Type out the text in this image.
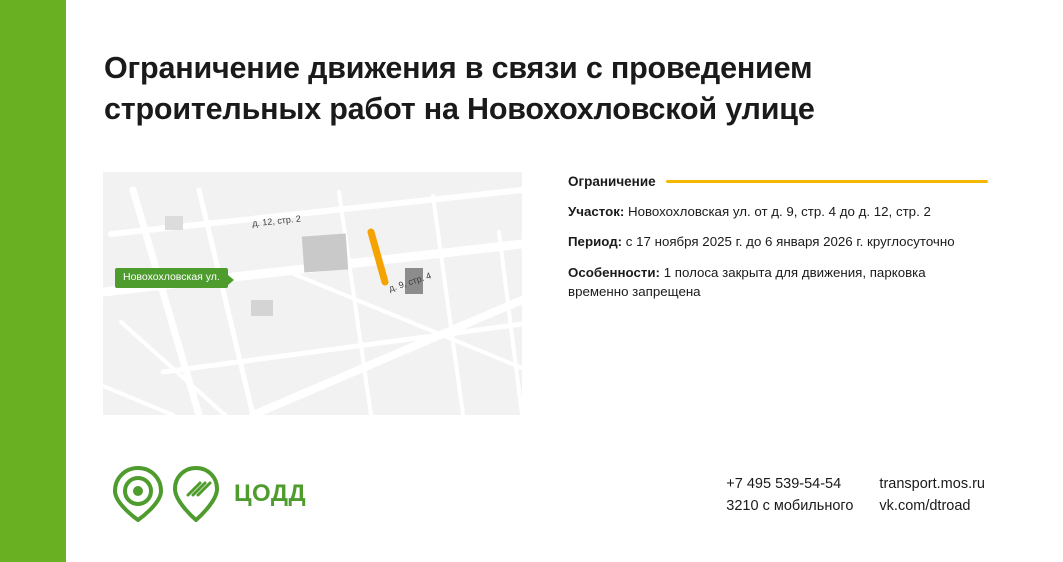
Ограничение движения в связи с проведением строительных работ на Новохохловской улице
д. 12, стр. 2
д. 9, стр. 4
Новохохловская ул.
Ограничение
Участок: Новохохловская ул. от д. 9, стр. 4 до д. 12, стр. 2
Период: с 17 ноября 2025 г. до 6 января 2026 г. круглосуточно
Особенности: 1 полоса закрыта для движения, парковка временно запрещена
ЦОДД	+7 495 539-54-54
3210 с мобильного
transport.mos.ru
vk.com/dtroad
